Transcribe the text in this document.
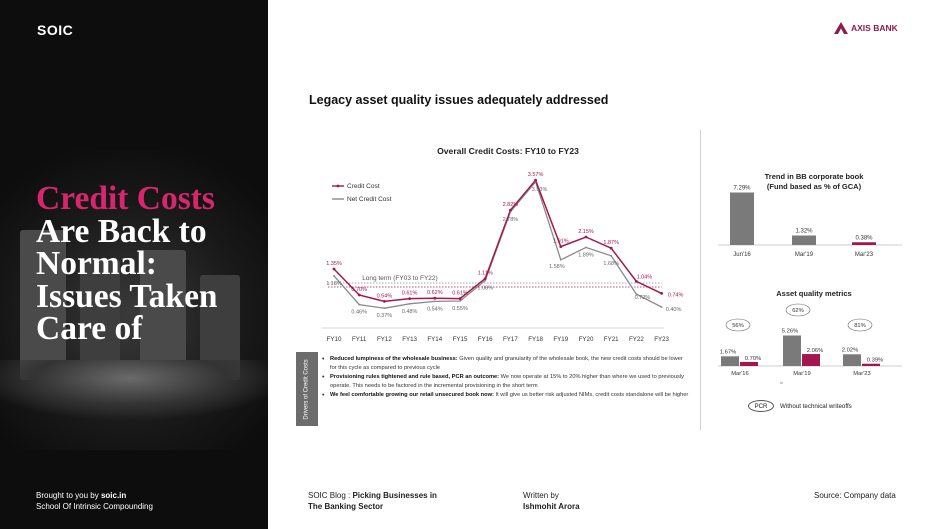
SOIC
Credit Costs
Are Back to
Normal:
Issues Taken
Care of
Brought to you by soic.in
School Of Intrinsic Compounding
AXIS BANK
Legacy asset quality issues adequately addressed
Overall Credit Costs: FY10 to FY23
Credit Cost
Net Credit Cost
Long term (FY03 to FY22)
1.18%
0.46%
0.37%
0.48% 0.54% 0.55%
1.06%
2.78%
3.53%
1.58%
1.89%
1.68%
0.72%
0.40%
1.35%
0.70%
0.54% 0.61% 0.62% 0.61%
1.11%
2.82%
3.57%
1.91%
2.15%
1.87%
1.04%
0.74%
FY10 FY11 FY12 FY13 FY14 FY15 FY16 FY17 FY18 FY19 FY20 FY21 FY22 FY23
Drivers of Credit Costs
•	Reduced lumpiness of the wholesale business: Given quality and granularity of the wholesale book, the new credit costs should be lower for this cycle as compared to previous cycle
• Provisioning rules tightened and rule based, PCR an outcome: We now operate at 15% to 20% higher than where we used to previously operate. This needs to be factored in the incremental provisioning in the short term
• We feel comfortable growing our retail unsecured book now: It will give us better risk adjusted NIMs, credit costs standalone will be higher
Trend in BB corporate book
(Fund based as % of GCA)
7.29%
Jun'16
1.32%
Mar'19
0.38%
Mar'23
Asset quality metrics
1.67%
0.70%
Mar'16
56%
5.26%
2.06%
Mar'19
62%
2.02%
0.39%
Mar'23
81%
ix
PCR Without technical writeoffs
SOIC Blog : Picking Businesses in
The Banking Sector
Written by
Ishmohit Arora
Source: Company data
